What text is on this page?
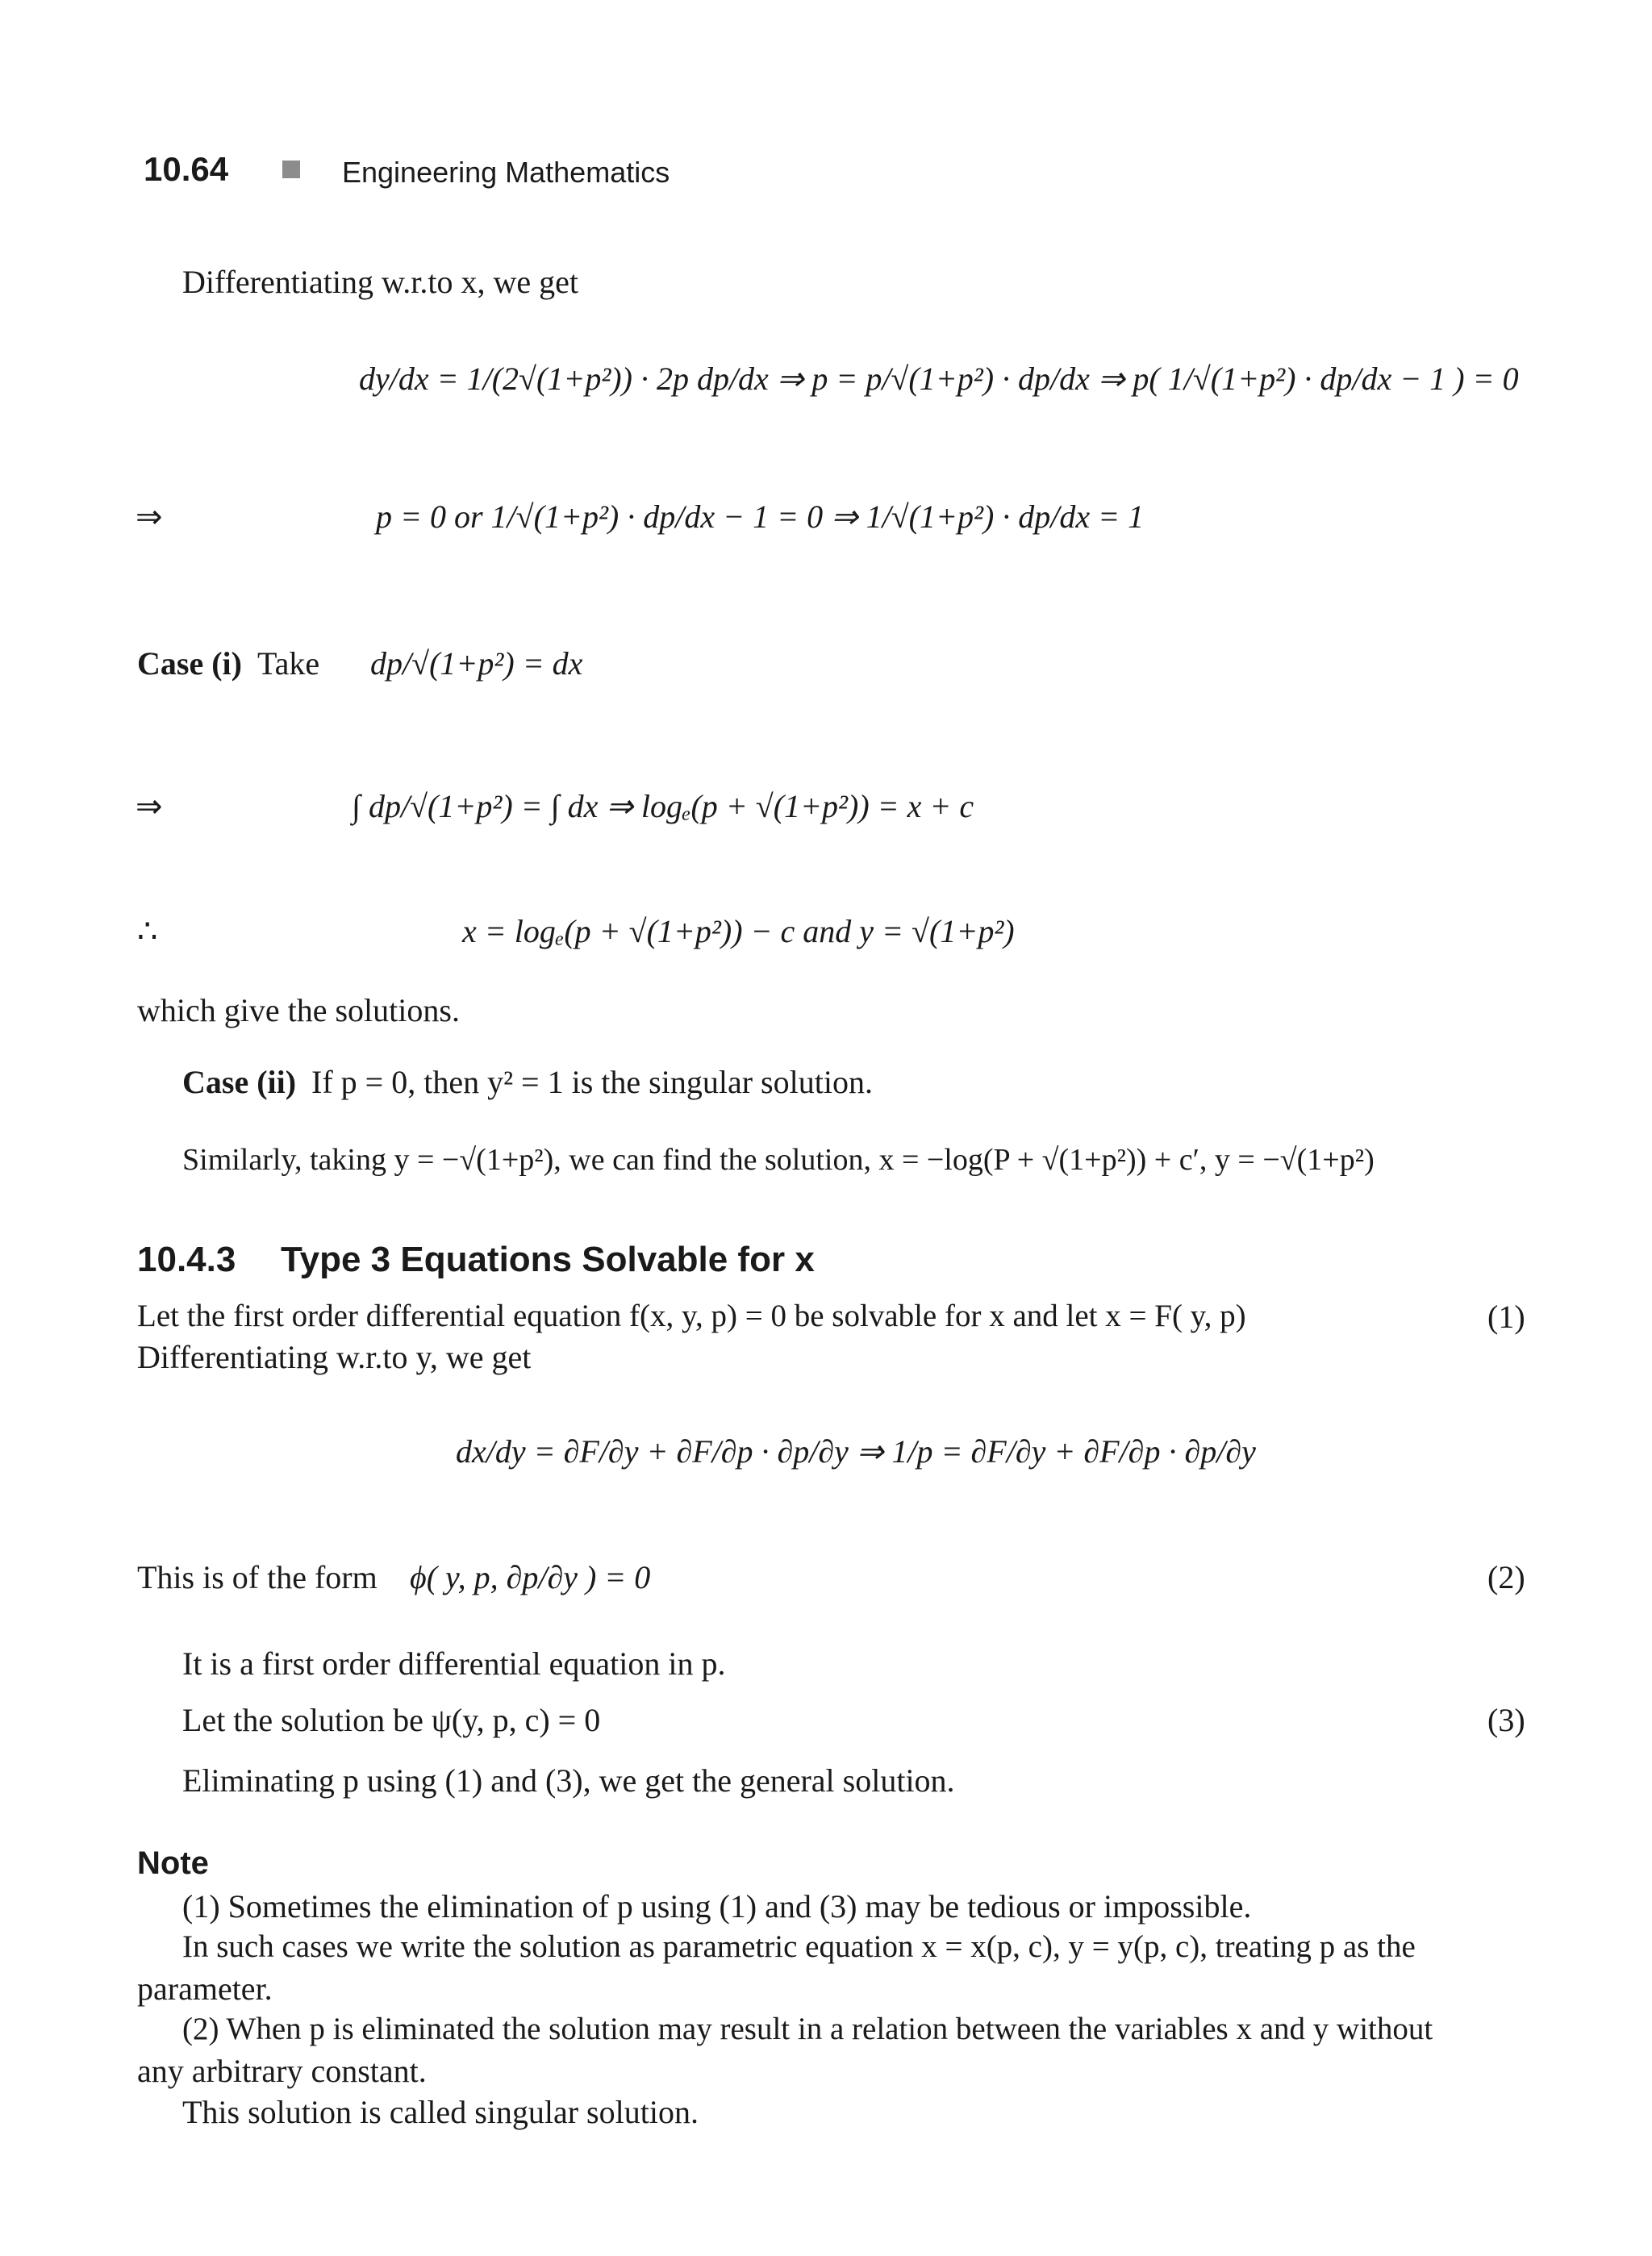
10.64	Engineering Mathematics
Differentiating w.r.to x, we get
dy/dx = 1/(2√(1+p²)) · 2p dp/dx ⇒ p = p/√(1+p²) · dp/dx ⇒ p( 1/√(1+p²) · dp/dx − 1 ) = 0
⇒	p = 0 or 1/√(1+p²) · dp/dx − 1 = 0 ⇒ 1/√(1+p²) · dp/dx = 1
Case (i) Take dp/√(1+p²) = dx
⇒	∫ dp/√(1+p²) = ∫ dx ⇒ logₑ(p + √(1+p²)) = x + c
∴	x = logₑ(p + √(1+p²)) − c and y = √(1+p²)
which give the solutions.
Case (ii) If p = 0, then y² = 1 is the singular solution.
Similarly, taking y = −√(1+p²), we can find the solution, x = −log(P + √(1+p²)) + c′, y = −√(1+p²)
10.4.3 Type 3 Equations Solvable for x
Let the first order differential equation f(x, y, p) = 0 be solvable for x and let x = F( y, p)	(1)
Differentiating w.r.to y, we get
dx/dy = ∂F/∂y + ∂F/∂p · ∂p/∂y ⇒ 1/p = ∂F/∂y + ∂F/∂p · ∂p/∂y
This is of the form ϕ( y, p, ∂p/∂y ) = 0	(2)
It is a first order differential equation in p.
Let the solution be ψ(y, p, c) = 0	(3)
Eliminating p using (1) and (3), we get the general solution.
Note
(1) Sometimes the elimination of p using (1) and (3) may be tedious or impossible.
In such cases we write the solution as parametric equation x = x(p, c), y = y(p, c), treating p as the
parameter.
(2) When p is eliminated the solution may result in a relation between the variables x and y without
any arbitrary constant.
This solution is called singular solution.
